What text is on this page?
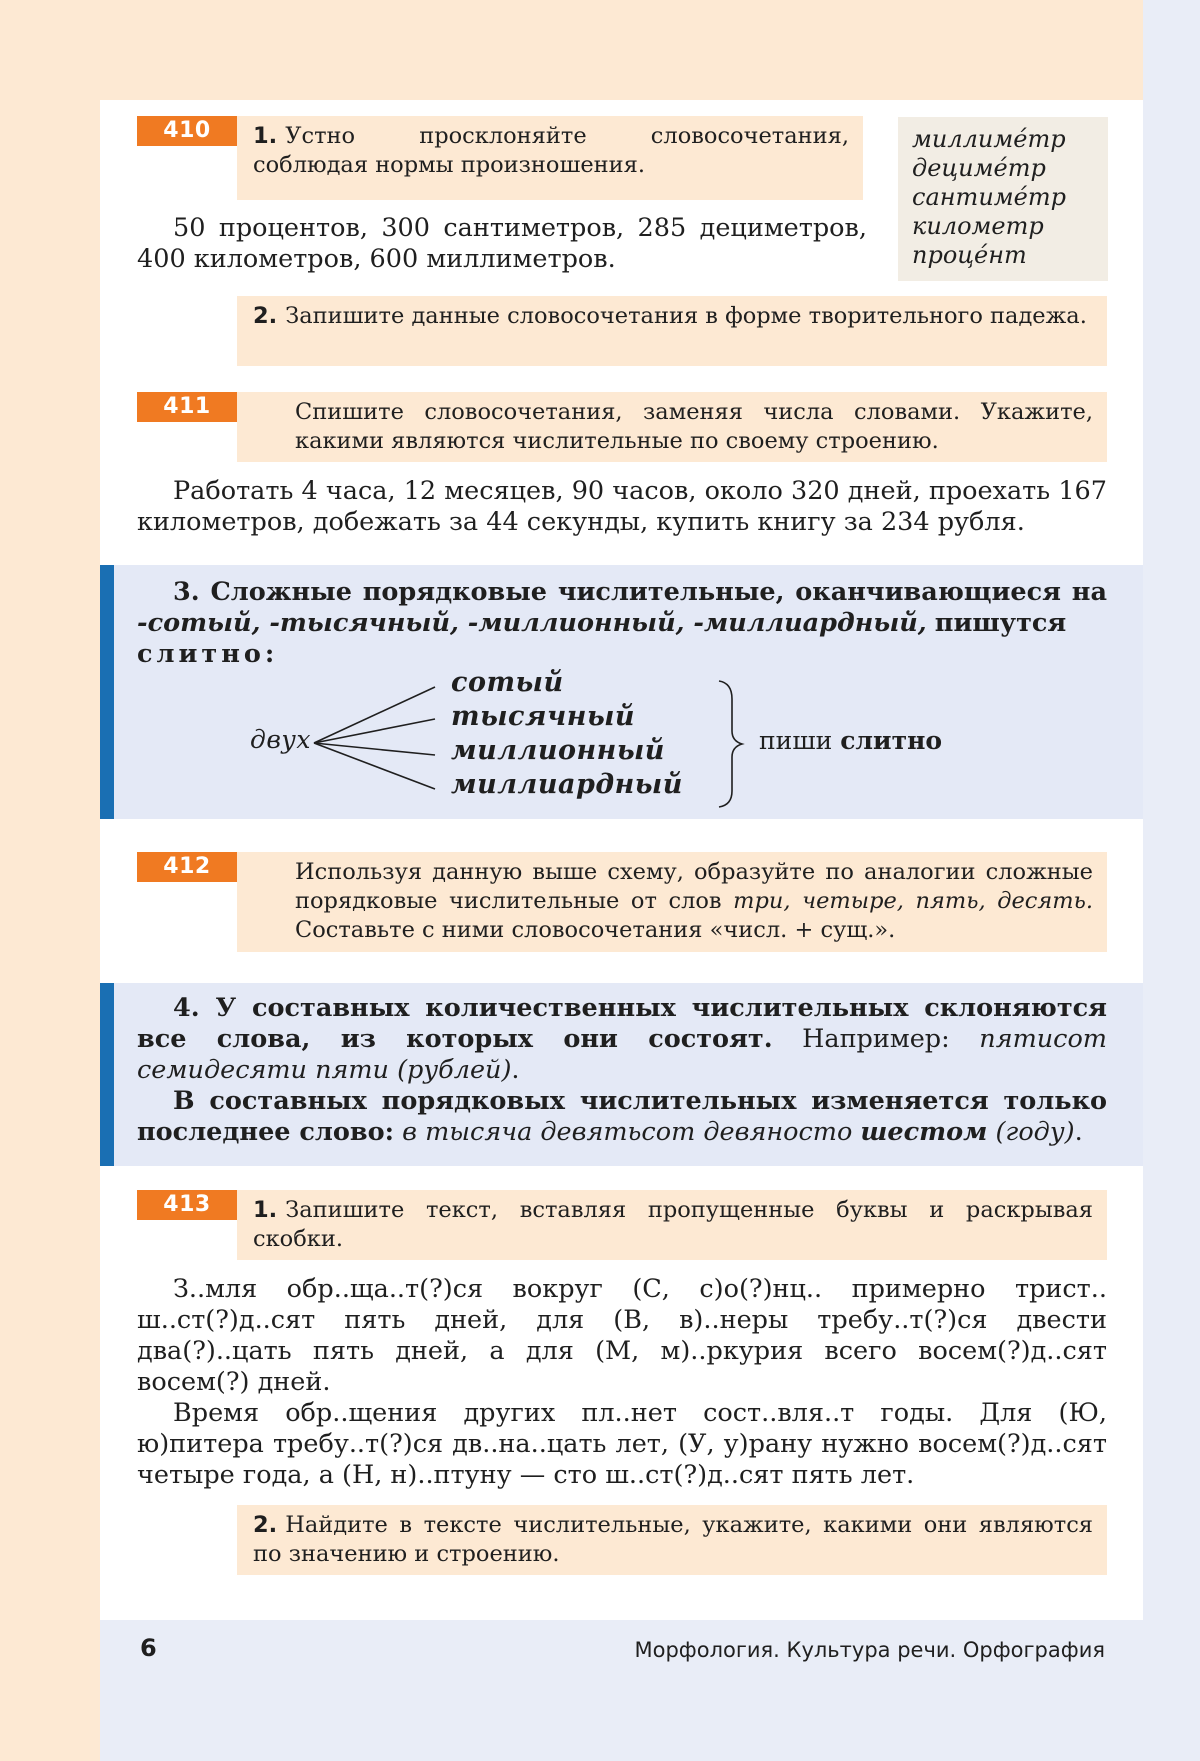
410	1. Устно просклоняйте словосочетания, соблюдая нормы произношения.
миллиме́тр
децимéтр
сантимéтр
километр
процéнт

50 процентов, 300 сантиметров, 285 дециметров, 400 километров, 600 миллиметров.

2. Запишите данные словосочетания в форме творительного падежа.
411	Спишите словосочетания, заменяя числа словами. Укажите, какими являются числительные по своему строению.

Работать 4 часа, 12 месяцев, 90 часов, около 320 дней, проехать 167 километров, добежать за 44 секунды, купить книгу за 234 рубля.

3. Сложные порядковые числительные, оканчивающиеся на -сотый, -тысячный, -миллионный, -миллиардный, пишутся

слитно:

двух
сотый
тысячный
миллионный
миллиардный
пиши слитно
412	Используя данную выше схему, образуйте по аналогии сложные порядковые числительные от слов три, четыре, пять, десять. Составьте с ними словосочетания «числ. + сущ.».

4. У составных количественных числительных склоняются все слова, из которых они состоят. Например: пятисот семидесяти пяти (рублей).

В составных порядковых числительных изменяется только последнее слово: в тысяча девятьсот девяносто шестом (году).

413	1. Запишите текст, вставляя пропущенные буквы и раскрывая скобки.

З..мля обр..ща..т(?)ся вокруг (С, с)о(?)нц.. примерно трист.. ш..ст(?)д..сят пять дней, для (В, в)..неры требу..т(?)ся двести два(?)..цать пять дней, а для (М, м)..ркурия всего восем(?)д..сят восем(?) дней.

Время обр..щения других пл..нет сост..вля..т годы. Для (Ю, ю)питера требу..т(?)ся дв..на..цать лет, (У, у)рану нужно восем(?)д..сят четыре года, а (Н, н)..птуну — сто ш..ст(?)д..сят пять лет.

2. Найдите в тексте числительные, укажите, какими они являются по значению и строению.
6	Морфология. Культура речи. Орфография
